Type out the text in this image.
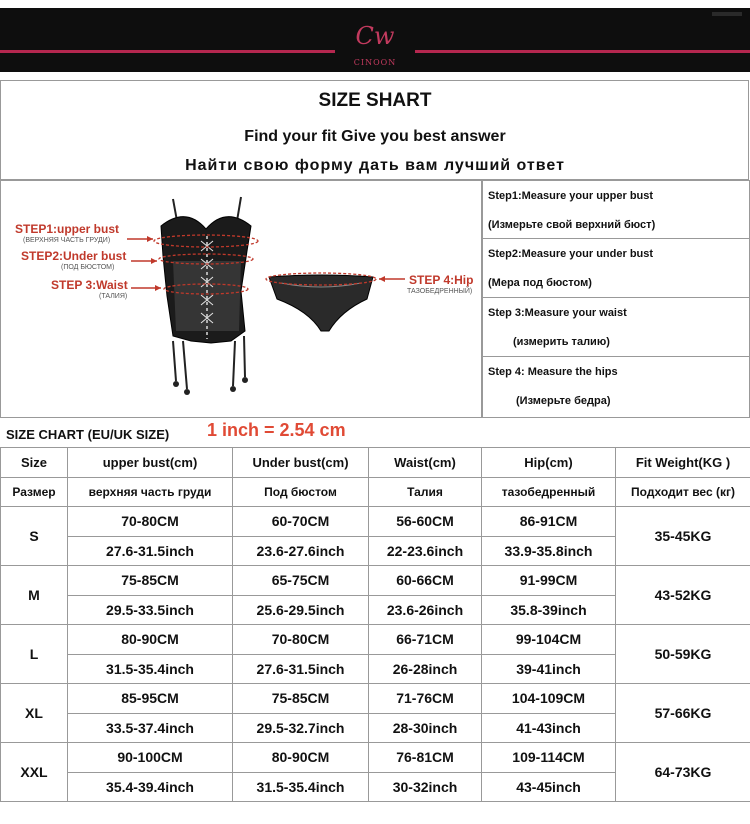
Cw
CINOON
SIZE SHART
Find your fit Give you best answer
Найти свою форму дать вам лучший ответ
STEP1:upper bust
(ВЕРХНЯЯ ЧАСТЬ ГРУДИ)
STEP2:Under bust
(ПОД БЮСТОМ)
STEP 3:Waist
(ТАЛИЯ)
STEP 4:Hip
ТАЗОБЕДРЕННЫЙ)
Step1:Measure your upper bust
(Измерьте свой верхний бюст)
Step2:Measure your under bust
(Мера под бюстом)
Step 3:Measure your waist
(измерить талию)
Step 4: Measure the hips
(Измерьте бедра)
SIZE CHART (EU/UK SIZE) 1 inch = 2.54 cm
Size	upper bust(cm)	Under bust(cm)	Waist(cm)	Hip(cm)	Fit Weight(KG )
Размер	верхняя часть груди	Под бюстом	Талия	тазобедренный	Подходит вес (кг)
S	70-80CM	60-70CM	56-60CM	86-91CM	35-45KG
	27.6-31.5inch	23.6-27.6inch	22-23.6inch	33.9-35.8inch	
M	75-85CM	65-75CM	60-66CM	91-99CM	43-52KG
	29.5-33.5inch	25.6-29.5inch	23.6-26inch	35.8-39inch	
L	80-90CM	70-80CM	66-71CM	99-104CM	50-59KG
	31.5-35.4inch	27.6-31.5inch	26-28inch	39-41inch	
XL	85-95CM	75-85CM	71-76CM	104-109CM	57-66KG
	33.5-37.4inch	29.5-32.7inch	28-30inch	41-43inch	
XXL	90-100CM	80-90CM	76-81CM	109-114CM	64-73KG
	35.4-39.4inch	31.5-35.4inch	30-32inch	43-45inch	
